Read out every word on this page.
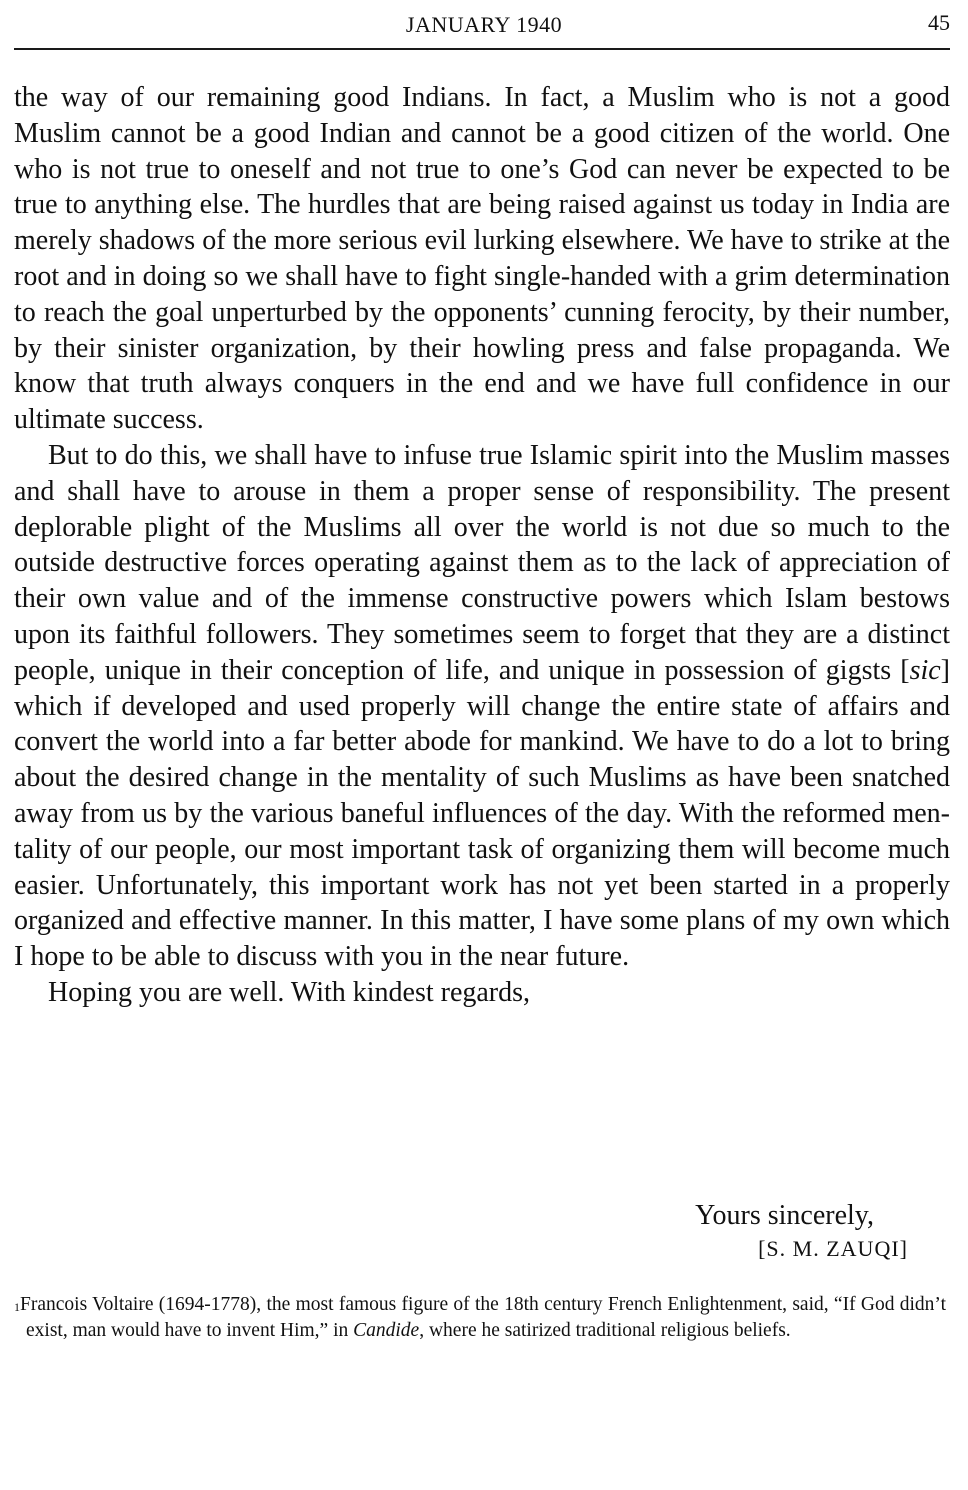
JANUARY 1940	45

the way of our remaining good Indians. In fact, a Muslim who is not a good Muslim cannot be a good Indian and cannot be a good citizen of the world. One who is not true to oneself and not true to one’s God can never be expected to be true to anything else. The hurdles that are being raised against us today in India are merely shadows of the more serious evil lurking elsewhere. We have to strike at the root and in doing so we shall have to fight single-handed with a grim determination to reach the goal unperturbed by the opponents’ cunning ferocity, by their number, by their sinister organization, by their howling press and false propaganda. We know that truth always conquers in the end and we have full confidence in our ultimate success.

But to do this, we shall have to infuse true Islamic spirit into the Muslim masses and shall have to arouse in them a proper sense of responsibility. The present deplorable plight of the Muslims all over the world is not due so much to the outside destructive forces operating against them as to the lack of appreciation of their own value and of the immense constructive powers which Islam bestows upon its faithful followers. They sometimes seem to forget that they are a distinct people, unique in their conception of life, and unique in possession of gigsts [sic] which if developed and used properly will change the entire state of affairs and convert the world into a far better abode for mankind. We have to do a lot to bring about the desired change in the mentality of such Muslims as have been snatched away from us by the various baneful influences of the day. With the reformed mentality of our people, our most important task of organizing them will become much easier. Unfortunately, this important work has not yet been started in a properly organized and effective manner. In this matter, I have some plans of my own which I hope to be able to discuss with you in the near future.

Hoping you are well. With kindest regards,

Yours sincerely,
[S. M. ZAUQI]

$^1$Francois Voltaire (1694-1778), the most famous figure of the 18th century French Enlightenment, said, “If God didn’t exist, man would have to invent Him,” in Candide, where he satirized traditional religious beliefs.
